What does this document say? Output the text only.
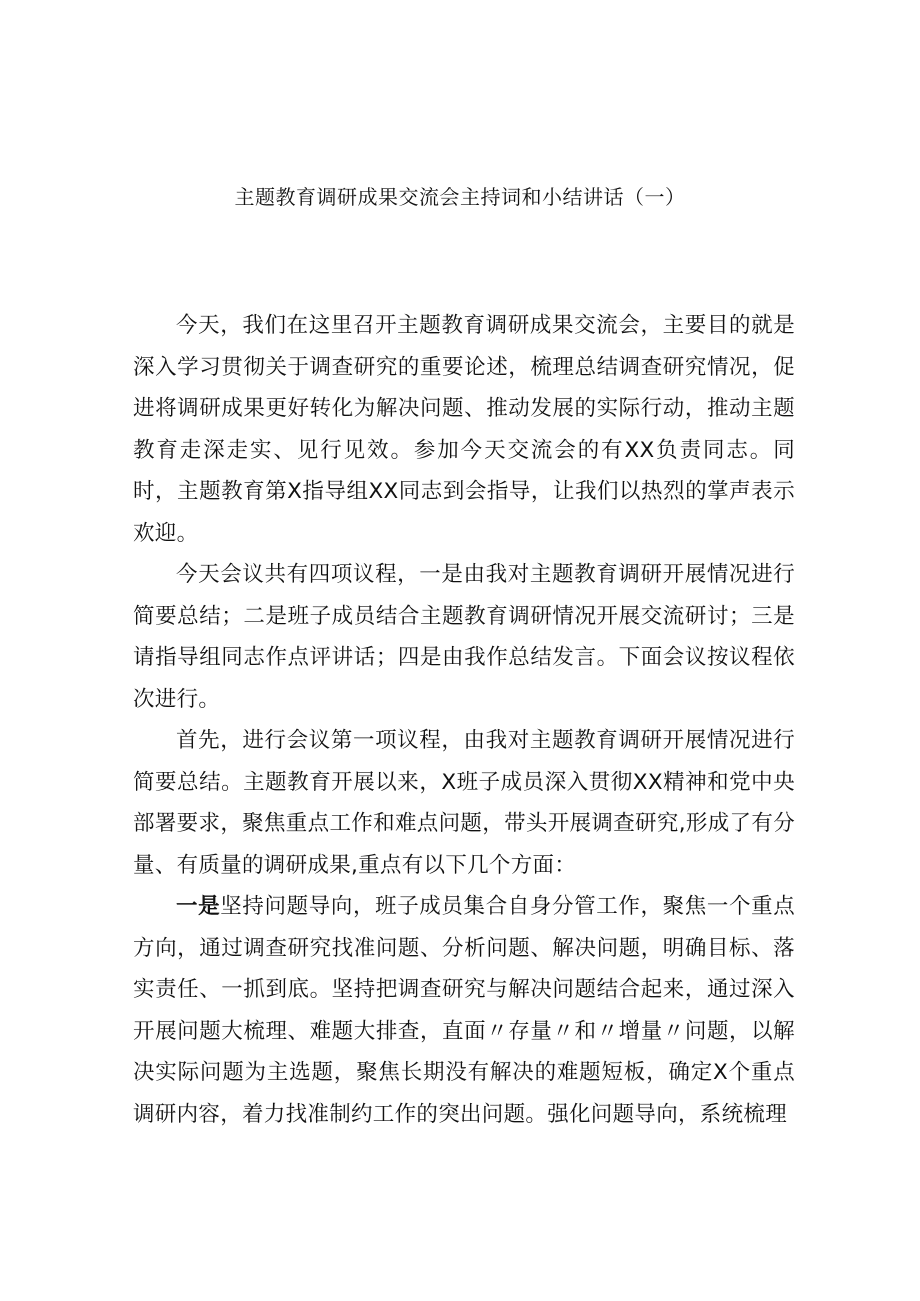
主题教育调研成果交流会主持词和小结讲话（一）

今天，我们在这里召开主题教育调研成果交流会，主要目的就是深入学习贯彻关于调查研究的重要论述，梳理总结调查研究情况，促进将调研成果更好转化为解决问题、推动发展的实际行动，推动主题教育走深走实、见行见效。参加今天交流会的有XX负责同志。同时，主题教育第X指导组XX同志到会指导，让我们以热烈的掌声表示欢迎。

今天会议共有四项议程，一是由我对主题教育调研开展情况进行简要总结；二是班子成员结合主题教育调研情况开展交流研讨；三是请指导组同志作点评讲话；四是由我作总结发言。下面会议按议程依次进行。

首先，进行会议第一项议程，由我对主题教育调研开展情况进行简要总结。主题教育开展以来，X班子成员深入贯彻XX精神和党中央部署要求，聚焦重点工作和难点问题，带头开展调查研究,形成了有分量、有质量的调研成果,重点有以下几个方面：

一是坚持问题导向，班子成员集合自身分管工作，聚焦一个重点方向，通过调查研究找准问题、分析问题、解决问题，明确目标、落实责任、一抓到底。坚持把调查研究与解决问题结合起来，通过深入开展问题大梳理、难题大排查，直面〃存量〃和〃增量〃问题，以解决实际问题为主选题，聚焦长期没有解决的难题短板，确定X个重点调研内容，着力找准制约工作的突出问题。强化问题导向，系统梳理
